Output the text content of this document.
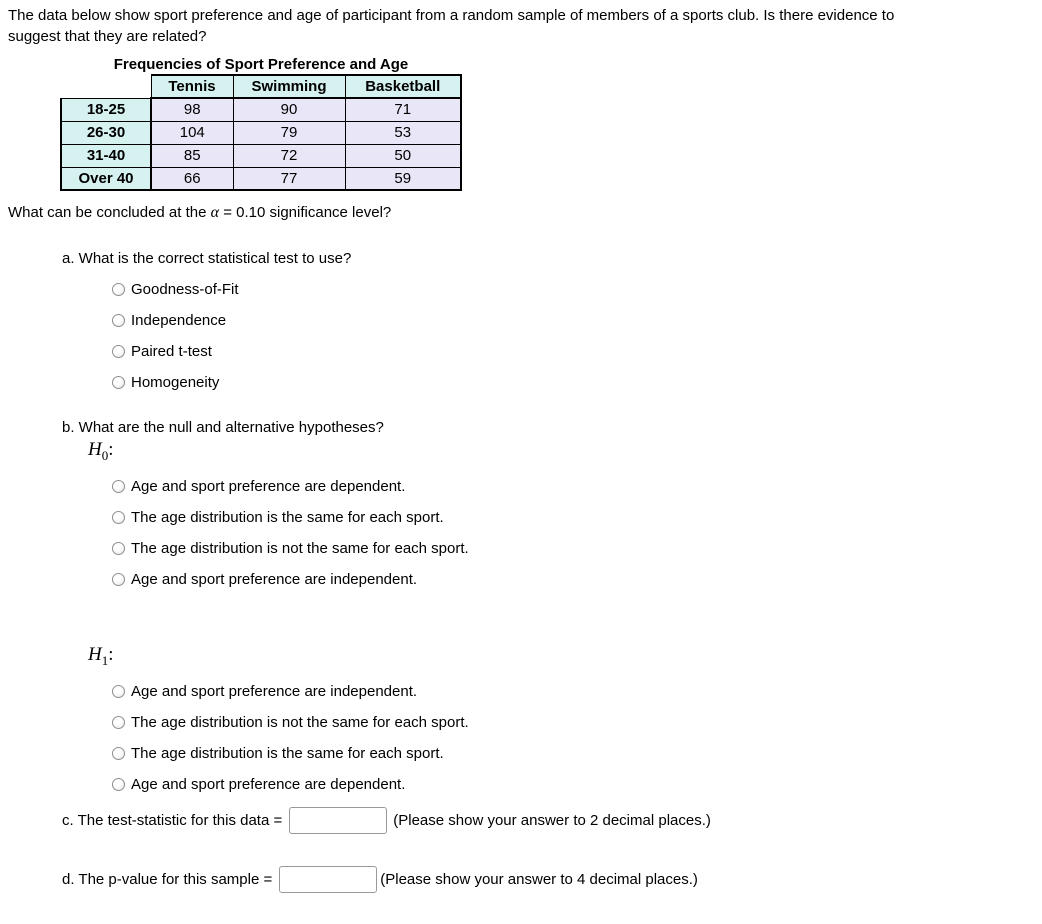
The data below show sport preference and age of participant from a random sample of members of a sports club. Is there evidence to suggest that they are related?

Frequencies of Sport Preference and Age
	Tennis	Swimming	Basketball
18-25	98	90	71
26-30	104	79	53
31-40	85	72	50
Over 40	66	77	59

What can be concluded at the α = 0.10 significance level?

a. What is the correct statistical test to use?
Goodness-of-Fit
Independence
Paired t-test
Homogeneity
b. What are the null and alternative hypotheses?
$H_0$:
Age and sport preference are dependent.
The age distribution is the same for each sport.
The age distribution is not the same for each sport.
Age and sport preference are independent.
$H_1$:
Age and sport preference are independent.
The age distribution is not the same for each sport.
The age distribution is the same for each sport.
Age and sport preference are dependent.
c. The test-statistic for this data =	(Please show your answer to 2 decimal places.)
d. The p-value for this sample =	(Please show your answer to 4 decimal places.)
